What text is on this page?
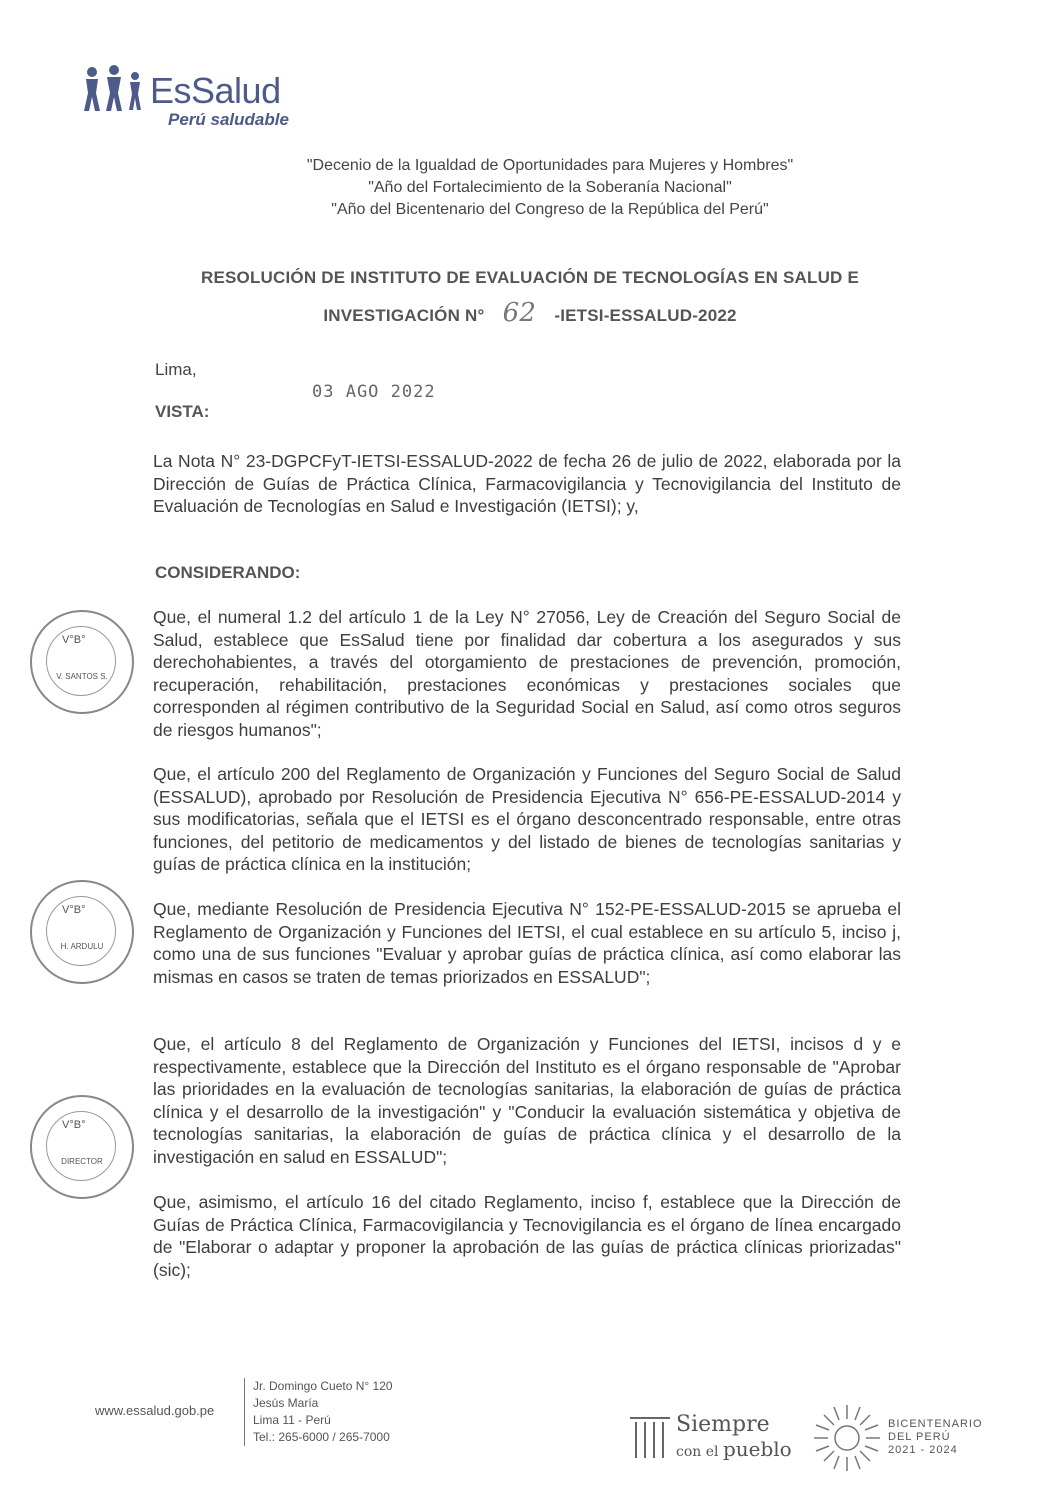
EsSalud
Perú saludable
"Decenio de la Igualdad de Oportunidades para Mujeres y Hombres"
"Año del Fortalecimiento de la Soberanía Nacional"
"Año del Bicentenario del Congreso de la República del Perú"
RESOLUCIÓN DE INSTITUTO DE EVALUACIÓN DE TECNOLOGÍAS EN SALUD E
INVESTIGACIÓN N° 62 -IETSI-ESSALUD-2022
Lima,
03 AGO 2022
VISTA:
La Nota N° 23-DGPCFyT-IETSI-ESSALUD-2022 de fecha 26 de julio de 2022, elaborada por la Dirección de Guías de Práctica Clínica, Farmacovigilancia y Tecnovigilancia del Instituto de Evaluación de Tecnologías en Salud e Investigación (IETSI); y,
CONSIDERANDO:
Que, el numeral 1.2 del artículo 1 de la Ley N° 27056, Ley de Creación del Seguro Social de Salud, establece que EsSalud tiene por finalidad dar cobertura a los asegurados y sus derechohabientes, a través del otorgamiento de prestaciones de prevención, promoción, recuperación, rehabilitación, prestaciones económicas y prestaciones sociales que corresponden al régimen contributivo de la Seguridad Social en Salud, así como otros seguros de riesgos humanos";
Que, el artículo 200 del Reglamento de Organización y Funciones del Seguro Social de Salud (ESSALUD), aprobado por Resolución de Presidencia Ejecutiva N° 656-PE-ESSALUD-2014 y sus modificatorias, señala que el IETSI es el órgano desconcentrado responsable, entre otras funciones, del petitorio de medicamentos y del listado de bienes de tecnologías sanitarias y guías de práctica clínica en la institución;
Que, mediante Resolución de Presidencia Ejecutiva N° 152-PE-ESSALUD-2015 se aprueba el Reglamento de Organización y Funciones del IETSI, el cual establece en su artículo 5, inciso j, como una de sus funciones "Evaluar y aprobar guías de práctica clínica, así como elaborar las mismas en casos se traten de temas priorizados en ESSALUD";
Que, el artículo 8 del Reglamento de Organización y Funciones del IETSI, incisos d y e respectivamente, establece que la Dirección del Instituto es el órgano responsable de "Aprobar las prioridades en la evaluación de tecnologías sanitarias, la elaboración de guías de práctica clínica y el desarrollo de la investigación" y "Conducir la evaluación sistemática y objetiva de tecnologías sanitarias, la elaboración de guías de práctica clínica y el desarrollo de la investigación en salud en ESSALUD";
Que, asimismo, el artículo 16 del citado Reglamento, inciso f, establece que la Dirección de Guías de Práctica Clínica, Farmacovigilancia y Tecnovigilancia es el órgano de línea encargado de "Elaborar o adaptar y proponer la aprobación de las guías de práctica clínicas priorizadas" (sic);
V°B°
V. SANTOS S.
V°B°
H. ARDULU
V°B°
DIRECTOR
www.essalud.gob.pe
Jr. Domingo Cueto N° 120
Jesús María
Lima 11 - Perú
Tel.: 265-6000 / 265-7000	Siempre
con el pueblo
BICENTENARIO
DEL PERÚ
2021 - 2024
